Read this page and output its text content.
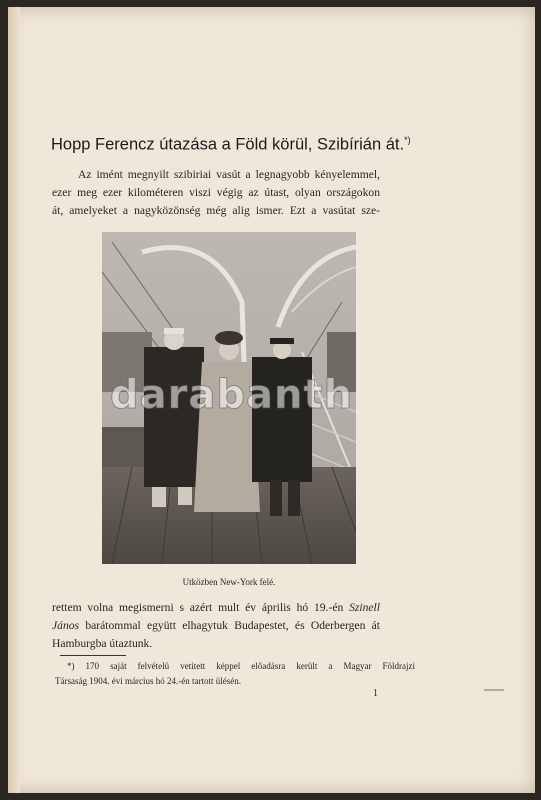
Hopp Ferencz útazása a Föld körül, Szibírián át.*)
Az imént megnyilt szibiriai vasút a legnagyobb kényelemmel,
ezer meg ezer kilométeren viszi végig az útast, olyan országokon
át, amelyeket a nagyközönség még alig ismer. Ezt a vasútat sze-
darabanth
Utközben New-York felé.
rettem volna megismerni s azért mult év április hó 19.-én Szinell
János barátommal együtt elhagytuk Budapestet, és Oderbergen át
Hamburgba útaztunk.
*) 170 saját felvételü vetitett képpel előadásra került a Magyar Földrajzi
Társaság 1904. évi március hó 24.-én tartott ülésén.
1
